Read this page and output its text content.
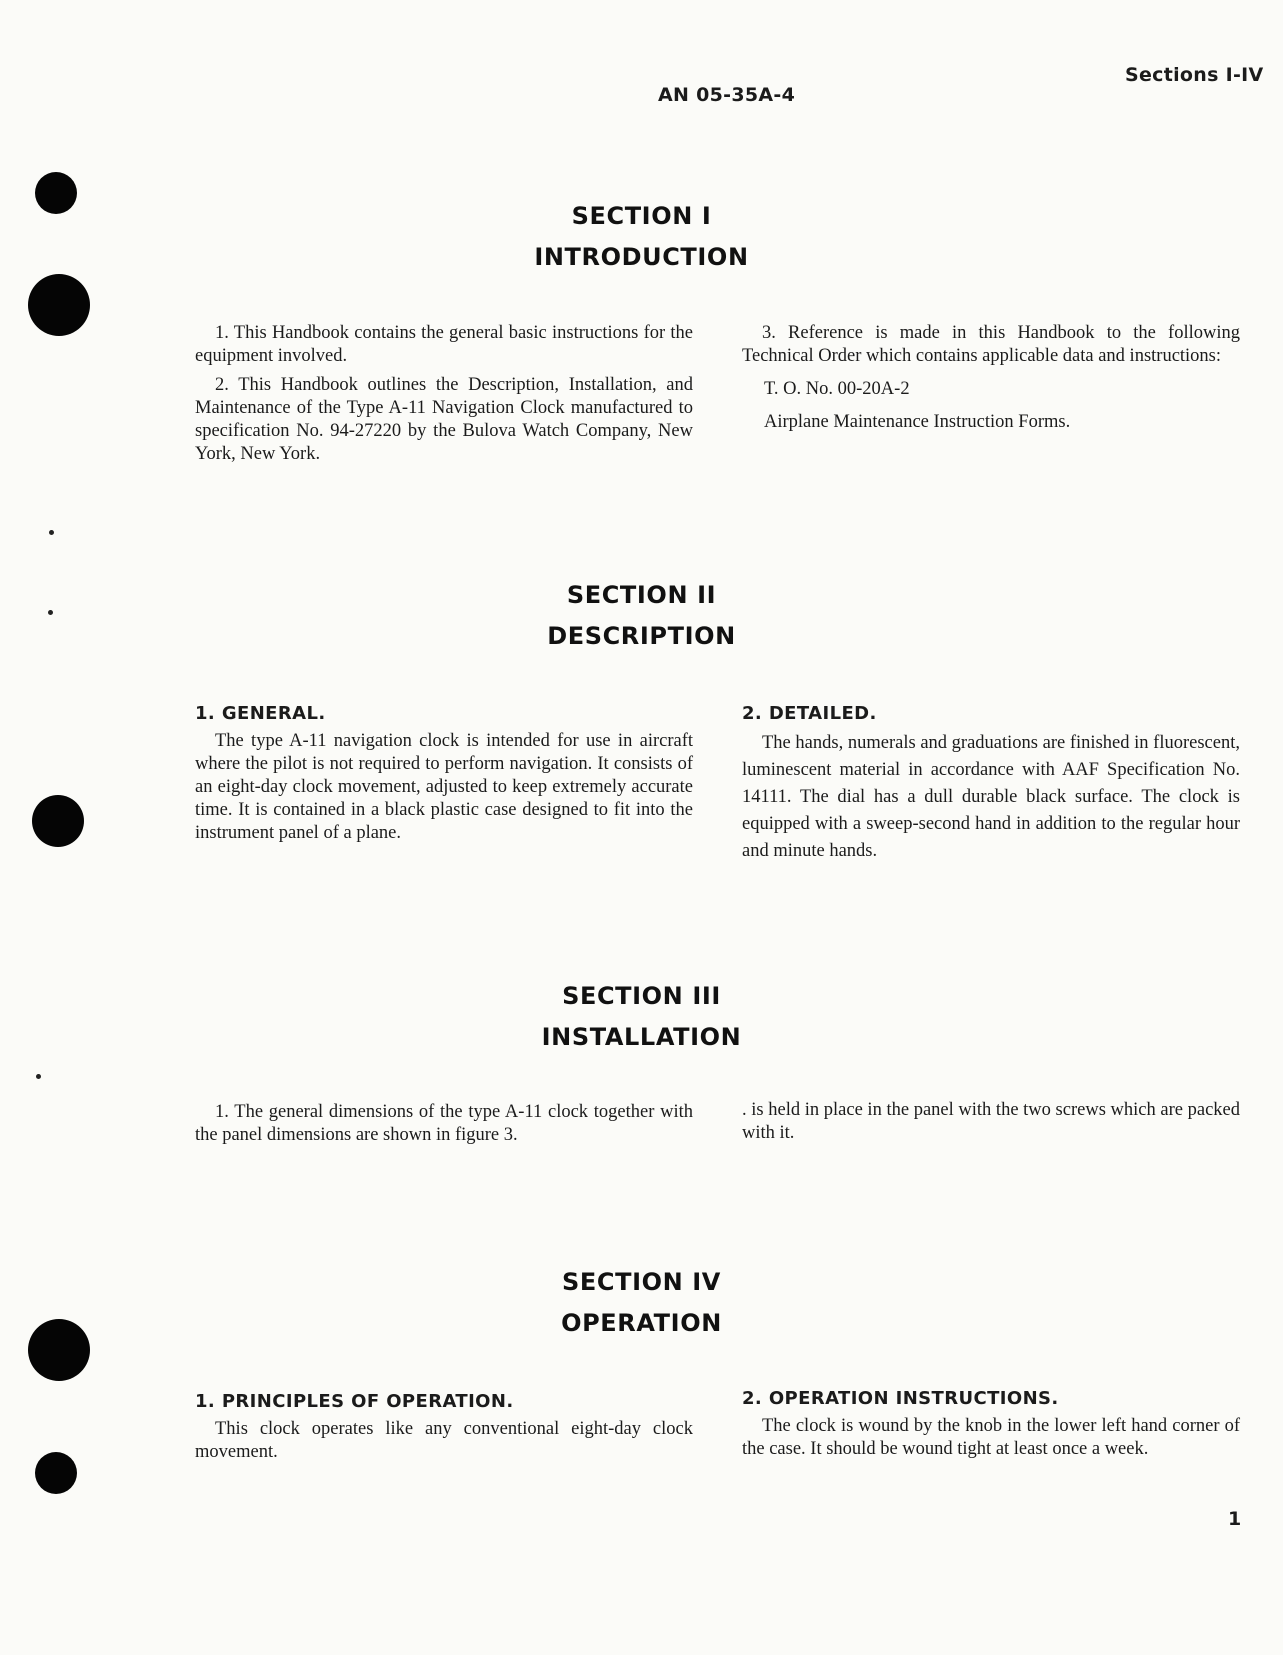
AN 05-35A-4
Sections I-IV
SECTION I
INTRODUCTION

1. This Handbook contains the general basic instructions for the equipment involved.

2. This Handbook outlines the Description, Installation, and Maintenance of the Type A-11 Navigation Clock manufactured to specification No. 94-27220 by the Bulova Watch Company, New York, New York.

3. Reference is made in this Handbook to the following Technical Order which contains applicable data and instructions:

T. O. No. 00-20A-2

Airplane Maintenance Instruction Forms.

SECTION II
DESCRIPTION
1. GENERAL.

The type A-11 navigation clock is intended for use in aircraft where the pilot is not required to perform navigation. It consists of an eight-day clock movement, adjusted to keep extremely accurate time. It is contained in a black plastic case designed to fit into the instrument panel of a plane.

2. DETAILED.

The hands, numerals and graduations are finished in fluorescent, luminescent material in accordance with AAF Specification No. 14111. The dial has a dull durable black surface. The clock is equipped with a sweep-second hand in addition to the regular hour and minute hands.

SECTION III
INSTALLATION

1. The general dimensions of the type A-11 clock together with the panel dimensions are shown in figure 3.

. is held in place in the panel with the two screws which are packed with it.

SECTION IV
OPERATION
1. PRINCIPLES OF OPERATION.

This clock operates like any conventional eight-day clock movement.

2. OPERATION INSTRUCTIONS.

The clock is wound by the knob in the lower left hand corner of the case. It should be wound tight at least once a week.

1
